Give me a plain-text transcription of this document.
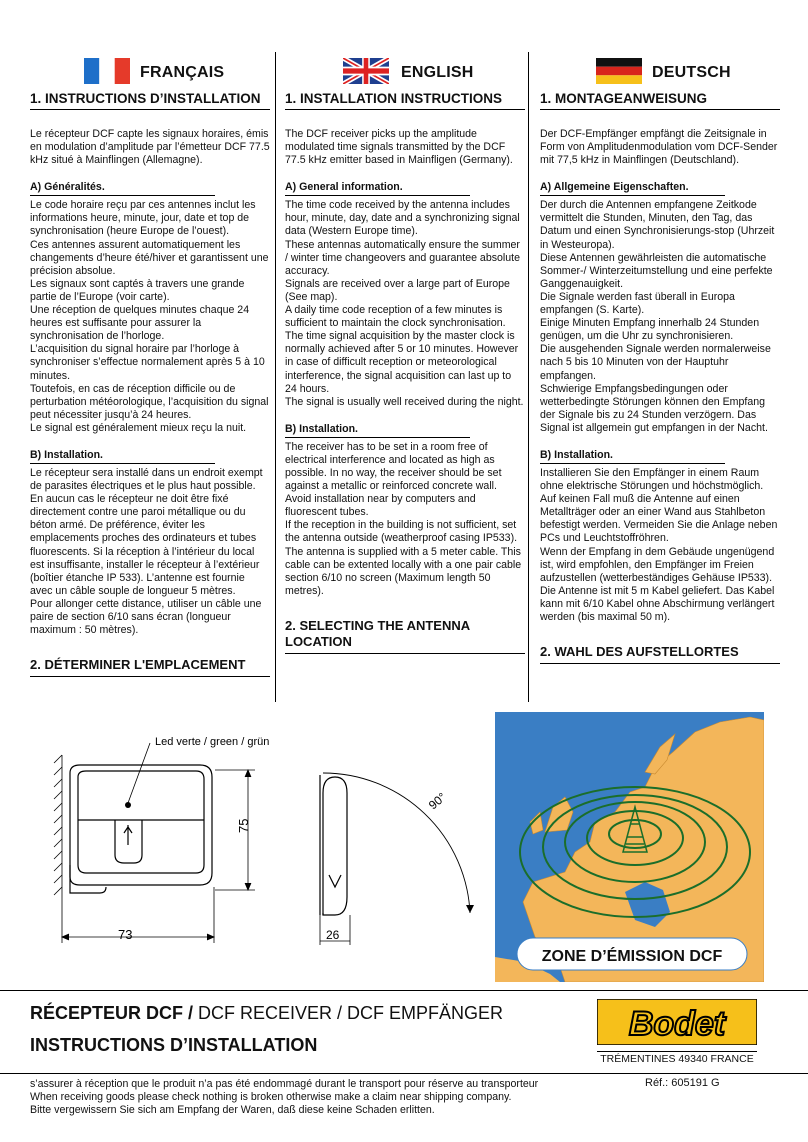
FRANÇAIS
1. INSTRUCTIONS D’INSTALLATION

Le récepteur DCF capte les signaux horaires, émis en modulation d’amplitude par l’émetteur DCF 77.5 kHz situé à Mainflingen (Allemagne).

A) Généralités.
Le code horaire reçu par ces antennes inclut les informations heure, minute, jour, date et top de synchronisation (heure Europe de l’ouest).
Ces antennes assurent automatiquement les changements d’heure été/hiver et garantissent une précision absolue.
Les signaux sont captés à travers une grande partie de l’Europe (voir carte).
Une réception de quelques minutes chaque 24 heures est suffisante pour assurer la synchronisation de l’horloge.
L’acquisition du signal horaire par l’horloge à synchroniser s’effectue normalement après 5 à 10 minutes.
Toutefois, en cas de réception difficile ou de perturbation météorologique, l’acquisition du signal peut nécessiter jusqu’à 24 heures.
Le signal est généralement mieux reçu la nuit.
B) Installation.
Le récepteur sera installé dans un endroit exempt de parasites électriques et le plus haut possible. En aucun cas le récepteur ne doit être fixé directement contre une paroi métallique ou du béton armé. De préférence, éviter les emplacements proches des ordinateurs et tubes fluorescents. Si la réception à l’intérieur du local est insuffisante, installer le récepteur à l’extérieur (boîtier étanche IP 533). L’antenne est fournie avec un câble souple de longueur 5 mètres.
Pour allonger cette distance, utiliser un câble une paire de section 6/10 sans écran (longueur maximum : 50 mètres).
2. DÉTERMINER L'EMPLACEMENT
ENGLISH
1. INSTALLATION INSTRUCTIONS

The DCF receiver picks up the amplitude modulated time signals transmitted by the DCF 77.5 kHz emitter based in Mainfligen (Germany).

A) General information.
The time code received by the antenna includes hour, minute, day, date and a synchronizing signal data (Western Europe time).
These antennas automatically ensure the summer / winter time changeovers and guarantee absolute accuracy.
Signals are received over a large part of Europe (See map).
A daily time code reception of a few minutes is sufficient to maintain the clock synchronisation. The time signal acquisition by the master clock is normally achieved after 5 or 10 minutes. However in case of difficult reception or meteorological interference, the signal acquisition can last up to 24 hours.
The signal is usually well received during the night.
B) Installation.
The receiver has to be set in a room free of electrical interference and located as high as possible. In no way, the receiver should be set against a metallic or reinforced concrete wall. Avoid installation near by computers and fluorescent tubes.
If the reception in the building is not sufficient, set the antenna outside (weatherproof casing IP533). The antenna is supplied with a 5 meter cable. This cable can be extented locally with a one pair cable section 6/10 no screen (Maximum length 50 metres).
2. SELECTING THE ANTENNA LOCATION
DEUTSCH
1. MONTAGEANWEISUNG

Der DCF-Empfänger empfängt die Zeitsignale in Form von Amplitudenmodulation vom DCF-Sender mit 77,5 kHz in Mainflingen (Deutschland).

A) Allgemeine Eigenschaften.
Der durch die Antennen empfangene Zeitkode vermittelt die Stunden, Minuten, den Tag, das Datum und einen Synchronisierungs-stop (Uhrzeit in Westeuropa).
Diese Antennen gewährleisten die automatische Sommer-/ Winterzeitumstellung und eine perfekte Ganggenauigkeit.
Die Signale werden fast überall in Europa empfangen (S. Karte).
Einige Minuten Empfang innerhalb 24 Stunden genügen, um die Uhr zu synchronisieren.
Die ausgehenden Signale werden normalerweise nach 5 bis 10 Minuten von der Hauptuhr empfangen.
Schwierige Empfangsbedingungen oder wetterbedingte Störungen können den Empfang der Signale bis zu 24 Stunden verzögern. Das Signal ist allgemein gut empfangen in der Nacht.
B) Installation.
Installieren Sie den Empfänger in einem Raum ohne elektrische Störungen und höchstmöglich. Auf keinen Fall muß die Antenne auf einen Metallträger oder an einer Wand aus Stahlbeton befestigt werden. Vermeiden Sie die Anlage neben PCs und Leuchtstoffröhren.
Wenn der Empfang in dem Gebäude ungenügend ist, wird empfohlen, den Empfänger im Freien aufzustellen (wetterbeständiges Gehäuse IP533). Die Antenne ist mit 5 m Kabel geliefert. Das Kabel kann mit 6/10 Kabel ohne Abschirmung verlängert werden (bis maximal 50 m).
2. WAHL DES AUFSTELLORTES
Led verte / green / grün
75
73
90°
26
ZONE D’ÉMISSION DCF
RÉCEPTEUR DCF / DCF RECEIVER / DCF EMPFÄNGER
INSTRUCTIONS D’INSTALLATION
Bodet
TRÉMENTINES 49340 FRANCE
Réf.: 605191 G
s’assurer à réception que le produit n’a pas été endommagé durant le transport pour réserve au transporteur
When receiving goods please check nothing is broken otherwise make a claim near shipping company.
Bitte vergewissern Sie sich am Empfang der Waren, daß diese keine Schaden erlitten.
